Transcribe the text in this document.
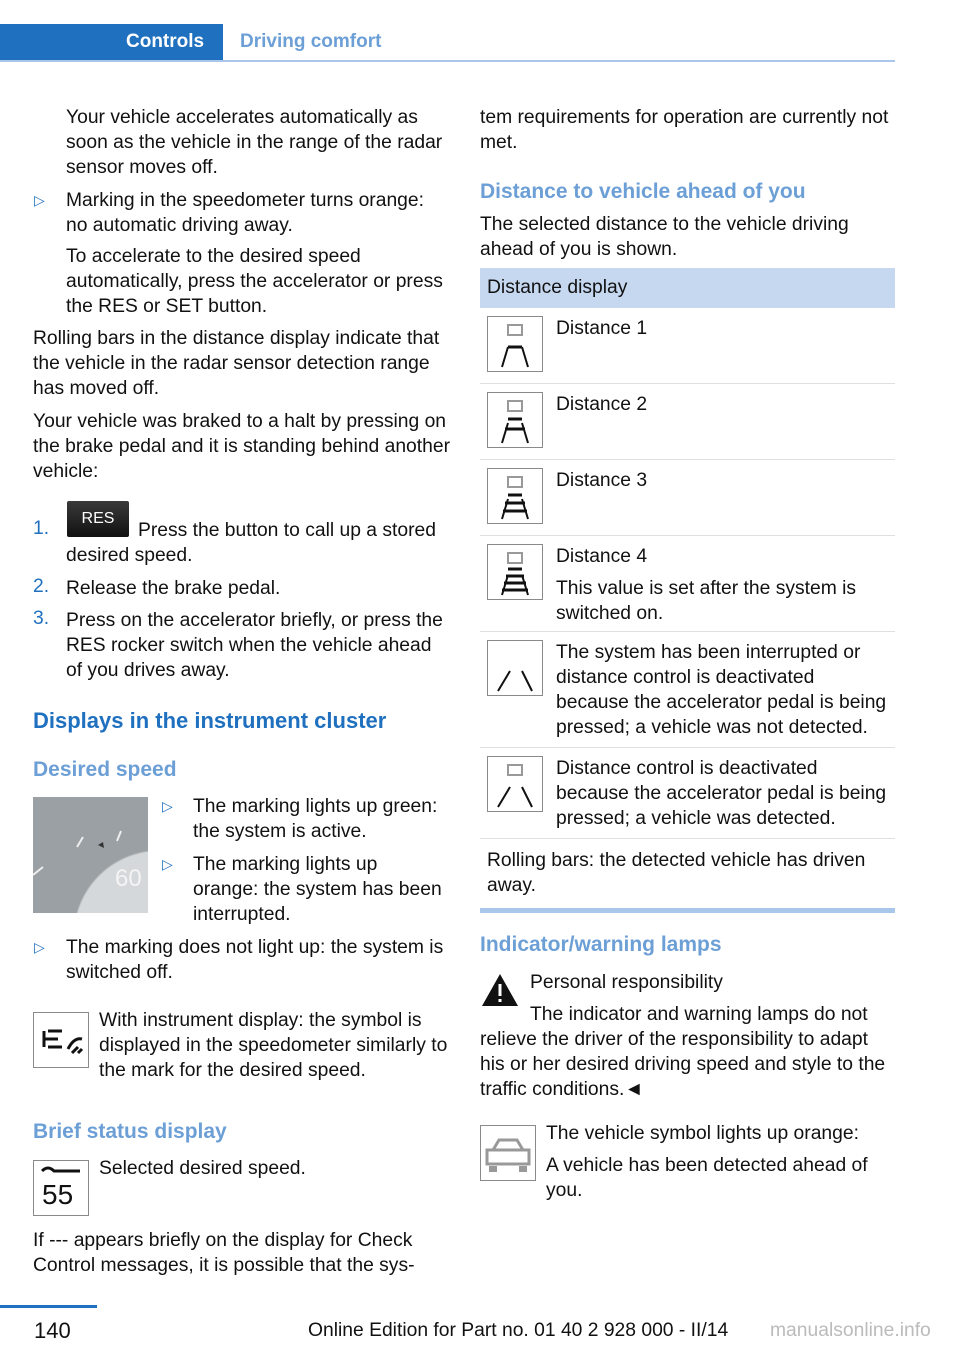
Controls	Driving comfort

Your vehicle accelerates automatically as soon as the vehicle in the range of the radar sensor moves off.

▷ Marking in the speedometer turns orange: no automatic driving away.

To accelerate to the desired speed automatically, press the accelerator or press the RES or SET button.

Rolling bars in the distance display indicate that the vehicle in the radar sensor detection range has moved off.

Your vehicle was braked to a halt by pressing on the brake pedal and it is standing behind another vehicle:

1.	RES

Press the button to call up a stored desired speed.

2. Release the brake pedal.

3. Press on the accelerator briefly, or press the RES rocker switch when the vehicle ahead of you drives away.

Displays in the instrument cluster
Desired speed
60
▷ The marking lights up green: the system is active.

▷ The marking lights up orange: the system has been interrupted.

▷ The marking does not light up: the system is switched off.

With instrument display: the symbol is displayed in the speedometer similarly to the mark for the desired speed.

Brief status display
55

Selected desired speed.

If --- appears briefly on the display for Check Control messages, it is possible that the sys-

tem requirements for operation are currently not met.

Distance to vehicle ahead of you

The selected distance to the vehicle driving ahead of you is shown.

Distance display
Distance 1
Distance 2
Distance 3
Distance 4
This value is set after the system is switched on.
The system has been interrupted or distance control is deactivated because the accelerator pedal is being pressed; a vehicle was not detected.
Distance control is deactivated because the accelerator pedal is being pressed; a vehicle was detected.
Rolling bars: the detected vehicle has driven away.
Indicator/warning lamps

Personal responsibility

The indicator and warning lamps do not relieve the driver of the responsibility to adapt his or her desired driving speed and style to the traffic conditions.◄

The vehicle symbol lights up orange:

A vehicle has been detected ahead of you.

140	Online Edition for Part no. 01 40 2 928 000 - II/14 manualsonline.info
